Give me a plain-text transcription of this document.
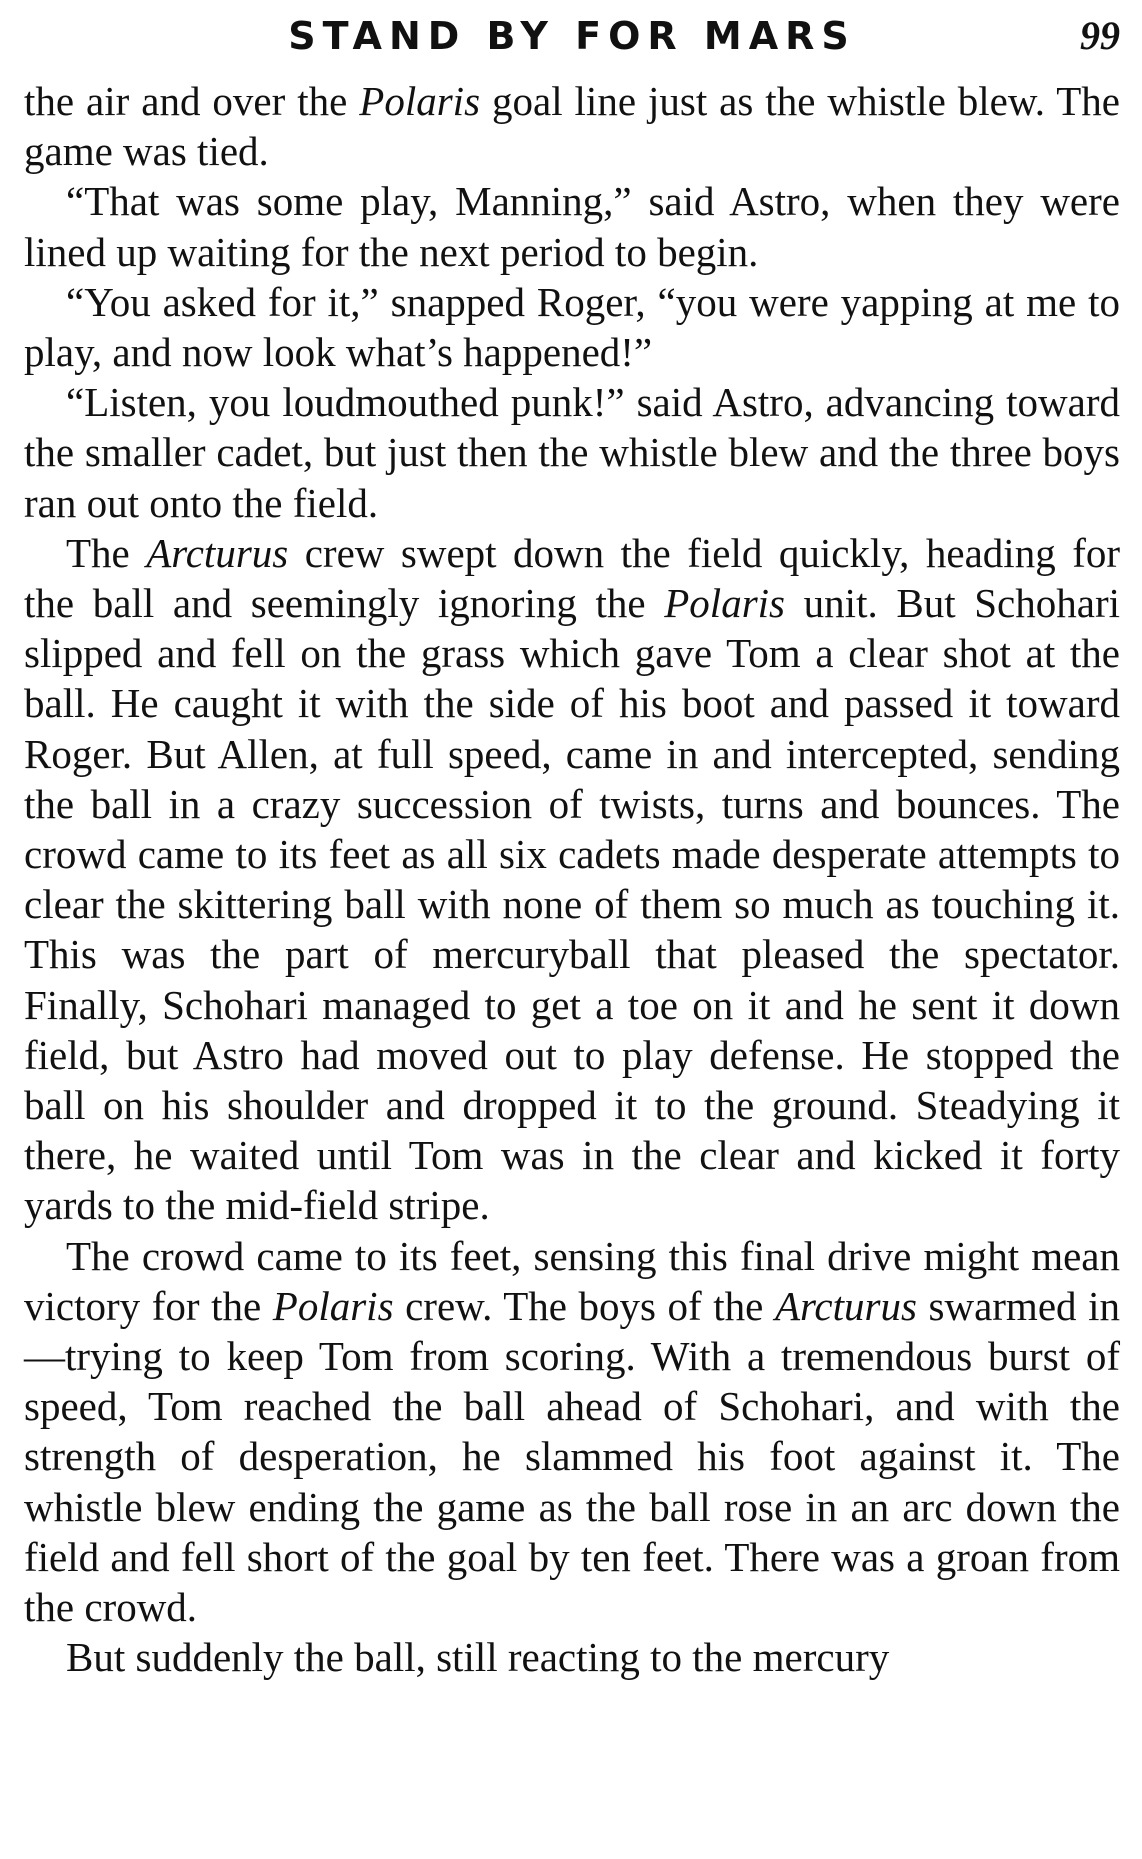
STAND BY FOR MARS	99

the air and over the Polaris goal line just as the whistle blew. The game was tied.

“That was some play, Manning,” said Astro, when they were lined up waiting for the next period to begin.

“You asked for it,” snapped Roger, “you were yapping at me to play, and now look what’s happened!”

“Listen, you loudmouthed punk!” said Astro, advancing toward the smaller cadet, but just then the whistle blew and the three boys ran out onto the field.

The Arcturus crew swept down the field quickly, heading for the ball and seemingly ignoring the Polaris unit. But Schohari slipped and fell on the grass which gave Tom a clear shot at the ball. He caught it with the side of his boot and passed it toward Roger. But Allen, at full speed, came in and intercepted, sending the ball in a crazy succession of twists, turns and bounces. The crowd came to its feet as all six cadets made desperate attempts to clear the skittering ball with none of them so much as touching it. This was the part of mercuryball that pleased the spectator. Finally, Schohari managed to get a toe on it and he sent it down field, but Astro had moved out to play defense. He stopped the ball on his shoulder and dropped it to the ground. Steadying it there, he waited until Tom was in the clear and kicked it forty yards to the mid-field stripe.

The crowd came to its feet, sensing this final drive might mean victory for the Polaris crew. The boys of the Arcturus swarmed in—trying to keep Tom from scoring. With a tremendous burst of speed, Tom reached the ball ahead of Schohari, and with the strength of desperation, he slammed his foot against it. The whistle blew ending the game as the ball rose in an arc down the field and fell short of the goal by ten feet. There was a groan from the crowd.

But suddenly the ball, still reacting to the mercury
